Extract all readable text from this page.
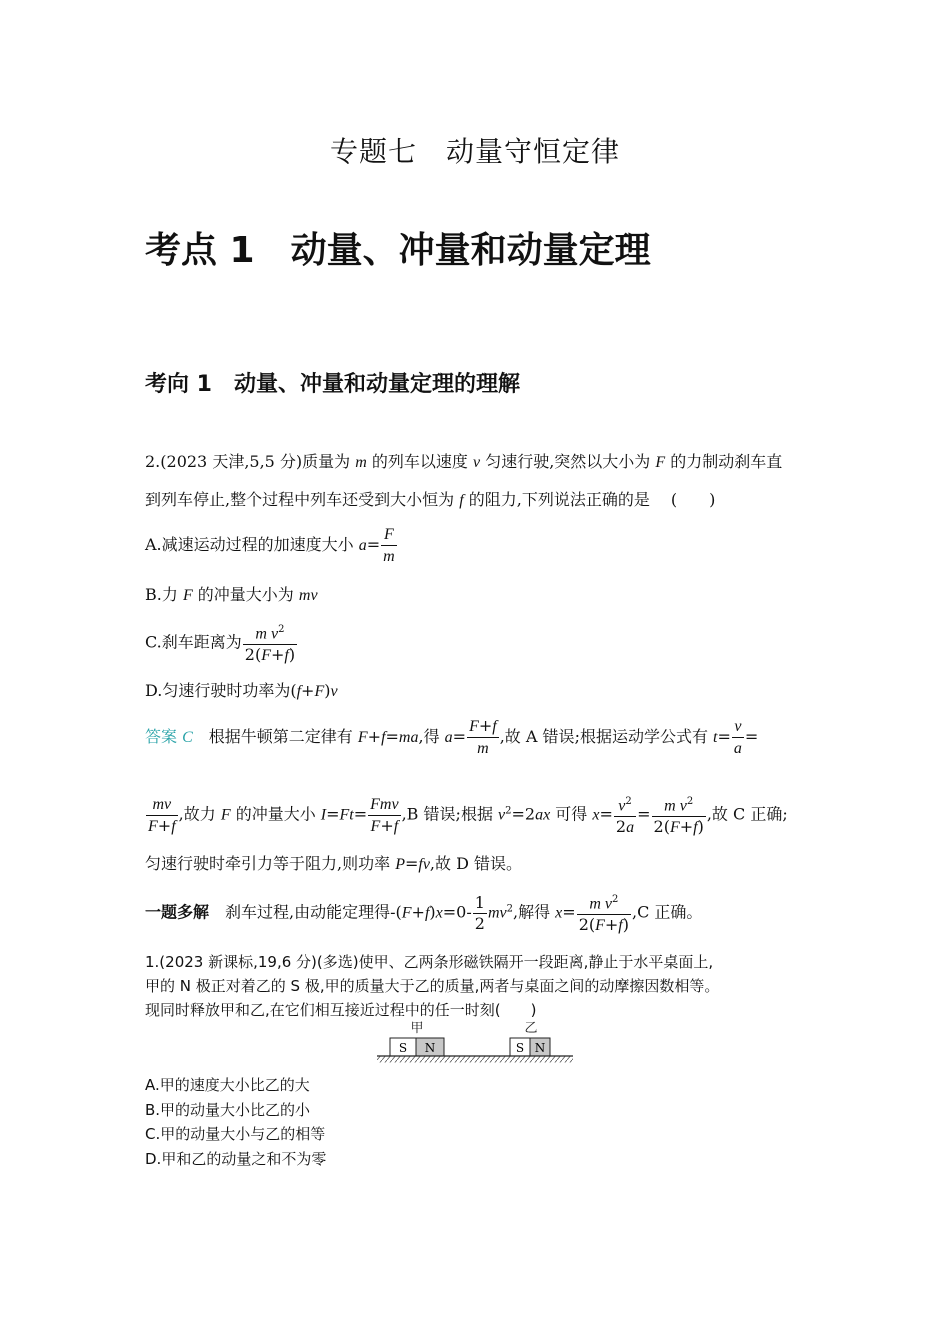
专题七　动量守恒定律
考点 1　动量、冲量和动量定理
考向 1　动量、冲量和动量定理的理解
2.(2023 天津,5,5 分)质量为 m 的列车以速度 v 匀速行驶,突然以大小为 F 的力制动刹车直
到列车停止,整个过程中列车还受到大小恒为 f 的阻力,下列说法正确的是　 (　　)
A.减速运动过程的加速度大小 $a= \frac{F}{m}$
B.力 F 的冲量大小为 mv
C.刹车距离为 $\frac{m v^2}{2(F+f)}$
D.匀速行驶时功率为(f+F)v
答案 C　根据牛顿第二定律有 F+f=ma,得 $a= \frac{F+f}{m}$ ,故 A 错误;根据运动学公式有 $t= \frac{v}{a}$ =
$\frac{mv}{F+f}$ ,故力 F 的冲量大小 $I=Ft= \frac{\text{Fmv}}{F+f} ,B$ 错误;根据 $v^2=2ax$ 可得 $x= \frac{v^2}{2a} = \frac{m v^2}{2(F+f)}$ ,故 C 正确;
匀速行驶时牵引力等于阻力,则功率 P=fv,故 D 错误。
一题多解　刹车过程,由动能定理得$-(F+f)x=0- \frac{1}{2} mv^2$,解得 $x= \frac{m v^2}{2(F+f)} ,C$ 正确。
1.(2023 新课标,19,6 分)(多选)使甲、乙两条形磁铁隔开一段距离,静止于水平桌面上,
甲的 N 极正对着乙的 S 极,甲的质量大于乙的质量,两者与桌面之间的动摩擦因数相等。
现同时释放甲和乙,在它们相互接近过程中的任一时刻(　　)
甲	乙
S N	S N
A.甲的速度大小比乙的大
B.甲的动量大小比乙的小
C.甲的动量大小与乙的相等
D.甲和乙的动量之和不为零
